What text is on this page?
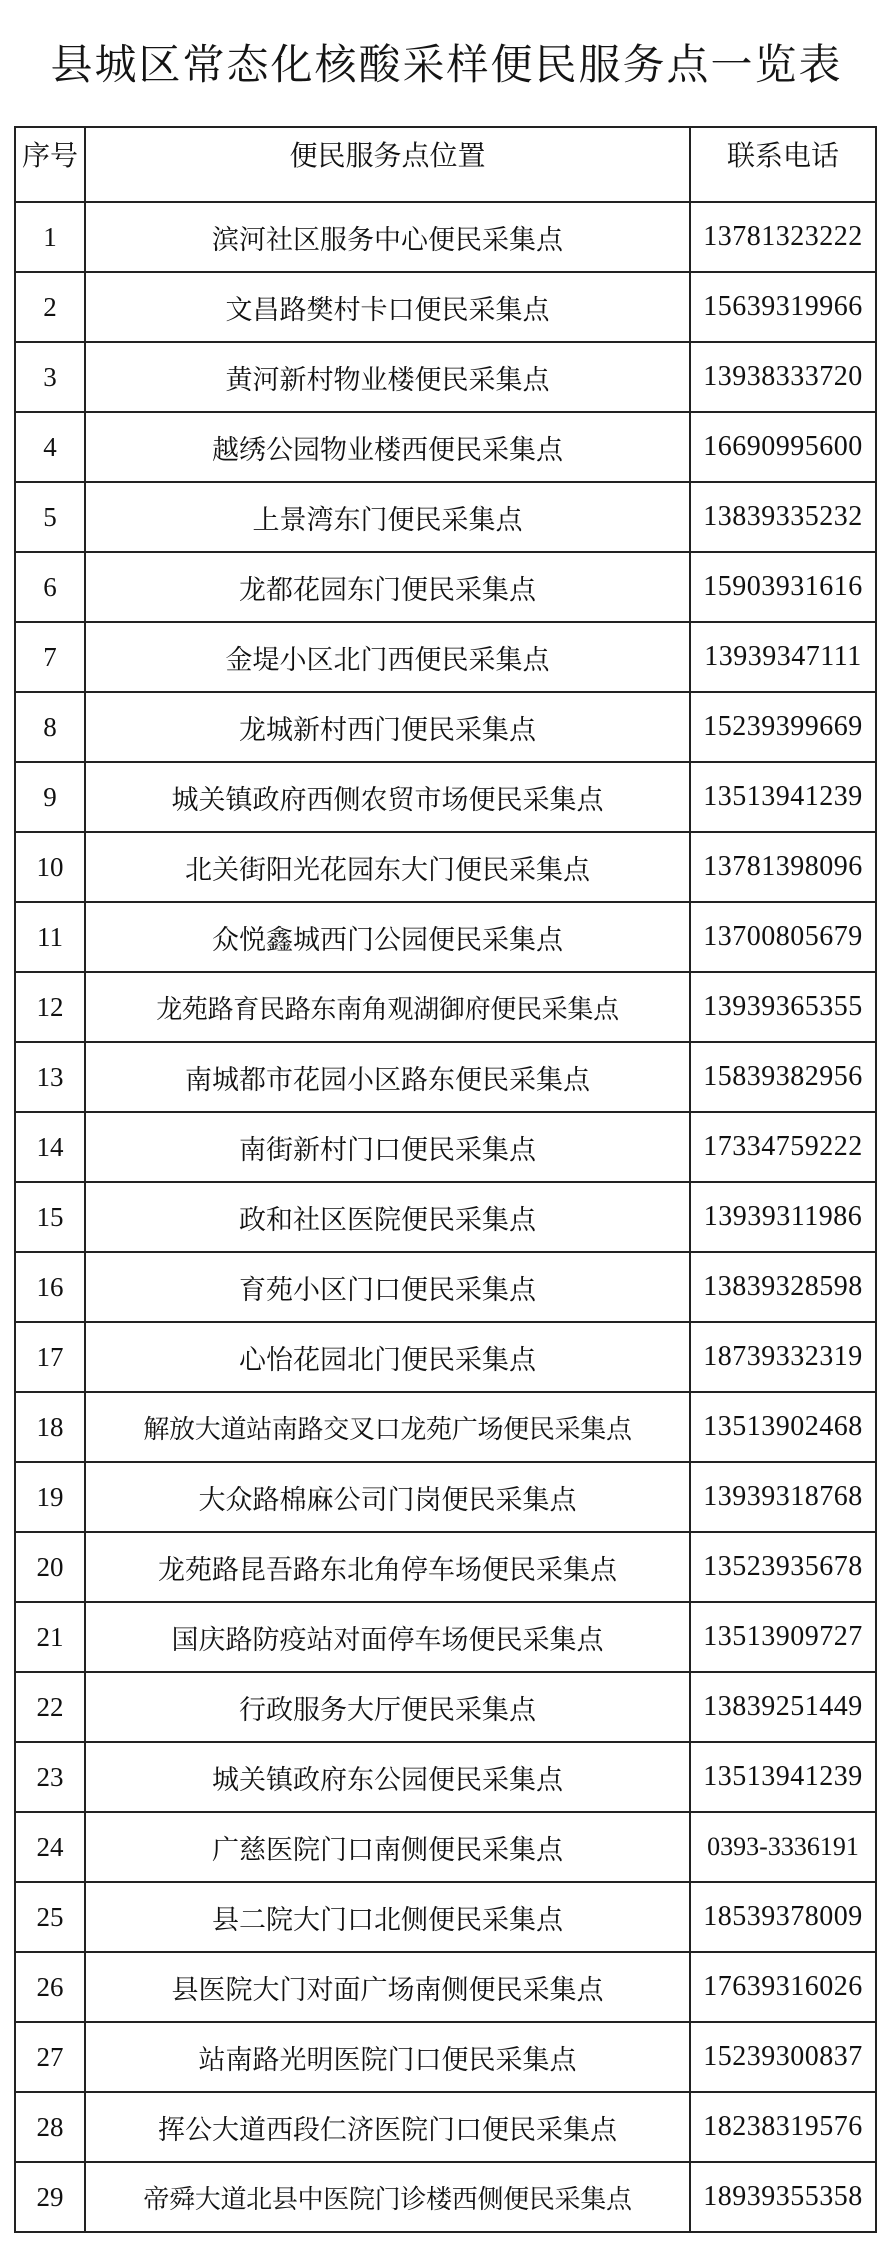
县城区常态化核酸采样便民服务点一览表
序号	便民服务点位置	联系电话
1	滨河社区服务中心便民采集点	13781323222
2	文昌路樊村卡口便民采集点	15639319966
3	黄河新村物业楼便民采集点	13938333720
4	越绣公园物业楼西便民采集点	16690995600
5	上景湾东门便民采集点	13839335232
6	龙都花园东门便民采集点	15903931616
7	金堤小区北门西便民采集点	13939347111
8	龙城新村西门便民采集点	15239399669
9	城关镇政府西侧农贸市场便民采集点	13513941239
10	北关街阳光花园东大门便民采集点	13781398096
11	众悦鑫城西门公园便民采集点	13700805679
12	龙苑路育民路东南角观湖御府便民采集点	13939365355
13	南城都市花园小区路东便民采集点	15839382956
14	南街新村门口便民采集点	17334759222
15	政和社区医院便民采集点	13939311986
16	育苑小区门口便民采集点	13839328598
17	心怡花园北门便民采集点	18739332319
18	解放大道站南路交叉口龙苑广场便民采集点	13513902468
19	大众路棉麻公司门岗便民采集点	13939318768
20	龙苑路昆吾路东北角停车场便民采集点	13523935678
21	国庆路防疫站对面停车场便民采集点	13513909727
22	行政服务大厅便民采集点	13839251449
23	城关镇政府东公园便民采集点	13513941239
24	广慈医院门口南侧便民采集点	0393-3336191
25	县二院大门口北侧便民采集点	18539378009
26	县医院大门对面广场南侧便民采集点	17639316026
27	站南路光明医院门口便民采集点	15239300837
28	挥公大道西段仁济医院门口便民采集点	18238319576
29	帝舜大道北县中医院门诊楼西侧便民采集点	18939355358
